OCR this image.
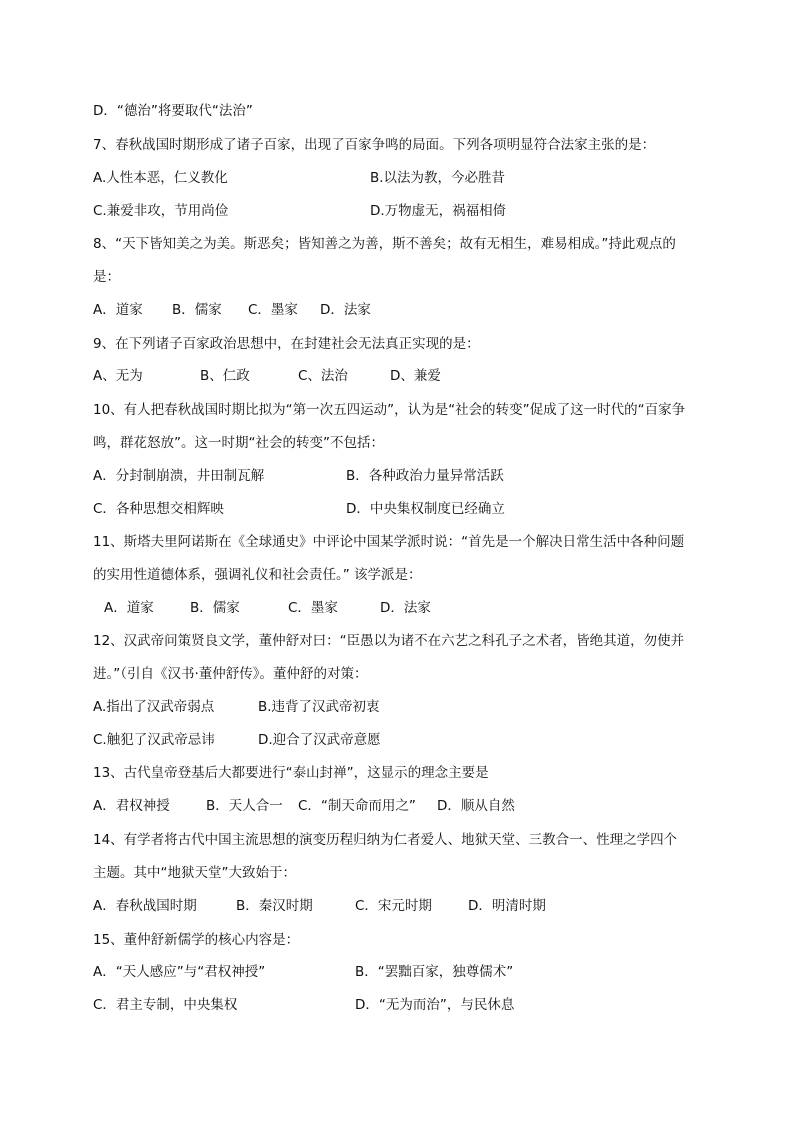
D．“德治”将要取代“法治”
7、春秋战国时期形成了诸子百家，出现了百家争鸣的局面。下列各项明显符合法家主张的是：
A.人性本恶，仁义教化	B.以法为教，今必胜昔
C.兼爱非攻，节用尚俭	D.万物虚无，祸福相倚
8、“天下皆知美之为美。斯恶矣；皆知善之为善，斯不善矣；故有无相生，难易相成。”持此观点的
是：
A．道家 B．儒家 C．墨家 D．法家
9、在下列诸子百家政治思想中，在封建社会无法真正实现的是：
A、无为	B、仁政	C、法治	D、兼爱
10、有人把春秋战国时期比拟为“第一次五四运动”，认为是“社会的转变”促成了这一时代的“百家争
鸣，群花怒放”。这一时期“社会的转变”不包括：
A．分封制崩溃，井田制瓦解	B．各种政治力量异常活跃
C．各种思想交相辉映	D．中央集权制度已经确立
11、斯塔夫里阿诺斯在《全球通史》中评论中国某学派时说：“首先是一个解决日常生活中各种问题
的实用性道德体系，强调礼仪和社会责任。” 该学派是：
A．道家	B．儒家	C．墨家	D．法家
12、汉武帝问策贤良文学，董仲舒对曰：“臣愚以为诸不在六艺之科孔子之术者，皆绝其道，勿使并
进。”（引自《汉书·董仲舒传》。董仲舒的对策：
A.指出了汉武帝弱点	B.违背了汉武帝初衷
C.触犯了汉武帝忌讳	D.迎合了汉武帝意愿
13、古代皇帝登基后大都要进行“泰山封禅”，这显示的理念主要是
A．君权神授	B．天人合一 C．“制天命而用之” D．顺从自然
14、有学者将古代中国主流思想的演变历程归纳为仁者爱人、地狱天堂、三教合一、性理之学四个
主题。其中“地狱天堂”大致始于：
A．春秋战国时期	B．秦汉时期	C．宋元时期	D．明清时期
15、董仲舒新儒学的核心内容是：
A．“天人感应”与“君权神授”	B．“罢黜百家，独尊儒术”
C．君主专制，中央集权	D．“无为而治”，与民休息
